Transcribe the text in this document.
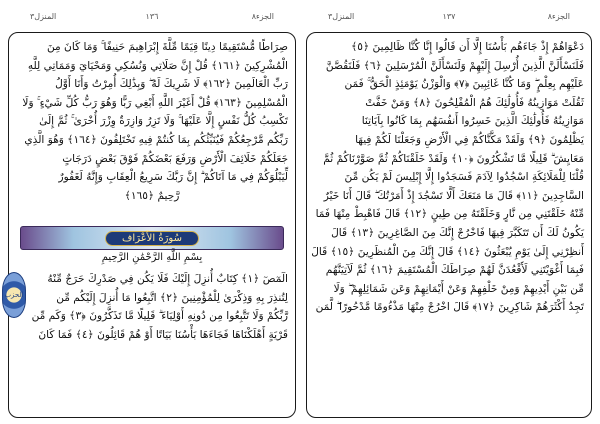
المنزل٣	١٣٦	الجزء٨

صِرَاطًا مُّسْتَقِيمًا دِينًا قِيَمًا مِّلَّةَ إِبْرَاهِيمَ حَنِيفًا ۚ وَمَا كَانَ مِنَ

الْمُشْرِكِينَ ﴿١٦١﴾ قُلْ إِنَّ صَلَاتِي وَنُسُكِي وَمَحْيَايَ وَمَمَاتِي لِلَّهِ

رَبِّ الْعَالَمِينَ ﴿١٦٢﴾ لَا شَرِيكَ لَهُ ۖ وَبِذَٰلِكَ أُمِرْتُ وَأَنَا أَوَّلُ

الْمُسْلِمِينَ ﴿١٦٣﴾ قُلْ أَغَيْرَ اللَّهِ أَبْغِي رَبًّا وَهُوَ رَبُّ كُلِّ شَيْءٍ ۚ وَلَا

تَكْسِبُ كُلُّ نَفْسٍ إِلَّا عَلَيْهَا ۚ وَلَا تَزِرُ وَازِرَةٌ وِزْرَ أُخْرَىٰ ۚ ثُمَّ إِلَىٰ

رَبِّكُم مَّرْجِعُكُمْ فَيُنَبِّئُكُم بِمَا كُنتُمْ فِيهِ تَخْتَلِفُونَ ﴿١٦٤﴾ وَهُوَ الَّذِي

جَعَلَكُمْ خَلَائِفَ الْأَرْضِ وَرَفَعَ بَعْضَكُمْ فَوْقَ بَعْضٍ دَرَجَاتٍ

لِّيَبْلُوَكُمْ فِي مَا آتَاكُمْ ۗ إِنَّ رَبَّكَ سَرِيعُ الْعِقَابِ وَإِنَّهُ لَغَفُورٌ

رَّحِيمٌ ﴿١٦٥﴾

سُورَةُ الأَعْرَاف
بِسْمِ اللَّهِ الرَّحْمَٰنِ الرَّحِيمِ

الٓمٓصٓ ﴿١﴾ كِتَابٌ أُنزِلَ إِلَيْكَ فَلَا يَكُن فِي صَدْرِكَ حَرَجٌ مِّنْهُ

لِتُنذِرَ بِهِ وَذِكْرَىٰ لِلْمُؤْمِنِينَ ﴿٢﴾ اتَّبِعُوا مَا أُنزِلَ إِلَيْكُم مِّن

رَّبِّكُمْ وَلَا تَتَّبِعُوا مِن دُونِهِ أَوْلِيَاءَ ۗ قَلِيلًا مَّا تَذَكَّرُونَ ﴿٣﴾ وَكَم مِّن

قَرْيَةٍ أَهْلَكْنَاهَا فَجَاءَهَا بَأْسُنَا بَيَاتًا أَوْ هُمْ قَائِلُونَ ﴿٤﴾ فَمَا كَانَ

الحزب
المنزل٣	١٣٧	الجزء٨

دَعْوَاهُمْ إِذْ جَاءَهُم بَأْسُنَا إِلَّا أَن قَالُوا إِنَّا كُنَّا ظَالِمِينَ ﴿٥﴾

فَلَنَسْأَلَنَّ الَّذِينَ أُرْسِلَ إِلَيْهِمْ وَلَنَسْأَلَنَّ الْمُرْسَلِينَ ﴿٦﴾ فَلَنَقُصَّنَّ

عَلَيْهِم بِعِلْمٍ ۖ وَمَا كُنَّا غَائِبِينَ ﴿٧﴾ وَالْوَزْنُ يَوْمَئِذٍ الْحَقُّ ۚ فَمَن

ثَقُلَتْ مَوَازِينُهُ فَأُولَٰئِكَ هُمُ الْمُفْلِحُونَ ﴿٨﴾ وَمَنْ خَفَّتْ

مَوَازِينُهُ فَأُولَٰئِكَ الَّذِينَ خَسِرُوا أَنفُسَهُم بِمَا كَانُوا بِآيَاتِنَا

يَظْلِمُونَ ﴿٩﴾ وَلَقَدْ مَكَّنَّاكُمْ فِي الْأَرْضِ وَجَعَلْنَا لَكُمْ فِيهَا

مَعَايِشَ ۗ قَلِيلًا مَّا تَشْكُرُونَ ﴿١٠﴾ وَلَقَدْ خَلَقْنَاكُمْ ثُمَّ صَوَّرْنَاكُمْ ثُمَّ

قُلْنَا لِلْمَلَائِكَةِ اسْجُدُوا لِآدَمَ فَسَجَدُوا إِلَّا إِبْلِيسَ لَمْ يَكُن مِّنَ

السَّاجِدِينَ ﴿١١﴾ قَالَ مَا مَنَعَكَ أَلَّا تَسْجُدَ إِذْ أَمَرْتُكَ ۖ قَالَ أَنَا خَيْرٌ

مِّنْهُ خَلَقْتَنِي مِن نَّارٍ وَخَلَقْتَهُ مِن طِينٍ ﴿١٢﴾ قَالَ فَاهْبِطْ مِنْهَا فَمَا

يَكُونُ لَكَ أَن تَتَكَبَّرَ فِيهَا فَاخْرُجْ إِنَّكَ مِنَ الصَّاغِرِينَ ﴿١٣﴾ قَالَ

أَنظِرْنِي إِلَىٰ يَوْمِ يُبْعَثُونَ ﴿١٤﴾ قَالَ إِنَّكَ مِنَ الْمُنظَرِينَ ﴿١٥﴾ قَالَ

فَبِمَا أَغْوَيْتَنِي لَأَقْعُدَنَّ لَهُمْ صِرَاطَكَ الْمُسْتَقِيمَ ﴿١٦﴾ ثُمَّ لَآتِيَنَّهُم

مِّن بَيْنِ أَيْدِيهِمْ وَمِنْ خَلْفِهِمْ وَعَنْ أَيْمَانِهِمْ وَعَن شَمَائِلِهِمْ ۖ وَلَا

تَجِدُ أَكْثَرَهُمْ شَاكِرِينَ ﴿١٧﴾ قَالَ اخْرُجْ مِنْهَا مَذْءُومًا مَّدْحُورًا ۖ لَّمَن
